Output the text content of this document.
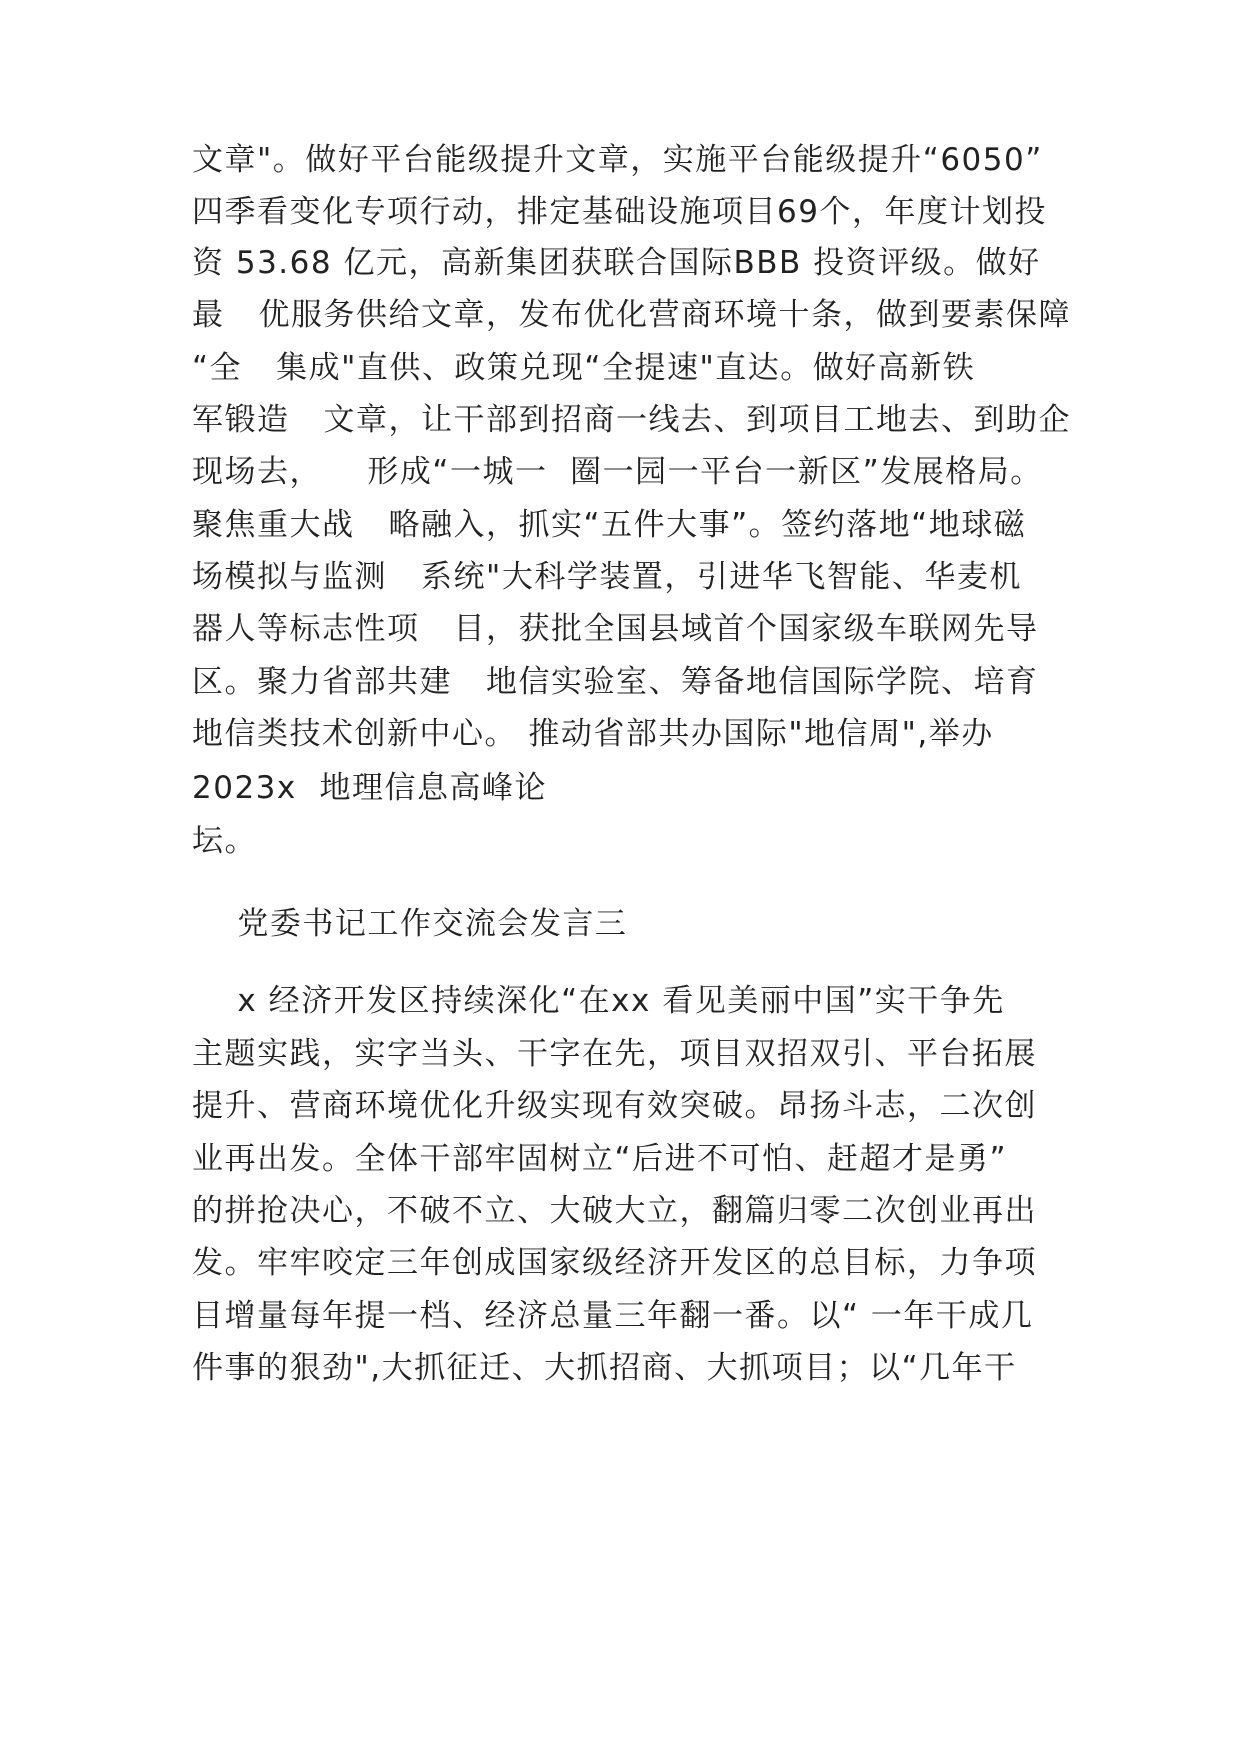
文章"。做好平台能级提升文章，实施平台能级提升“6050”
四季看变化专项行动，排定基础设施项目69个，年度计划投
资 53.68 亿元，高新集团获联合国际BBB 投资评级。做好
最   优服务供给文章，发布优化营商环境十条，做到要素保障
“全   集成"直供、政策兑现“全提速"直达。做好高新铁
军锻造   文章，让干部到招商一线去、到项目工地去、到助企
现场去，    形成“一城一  圈一园一平台一新区”发展格局。
聚焦重大战   略融入，抓实“五件大事”。签约落地“地球磁
场模拟与监测   系统"大科学装置，引进华飞智能、华麦机
器人等标志性项   目，获批全国县域首个国家级车联网先导
区。聚力省部共建   地信实验室、筹备地信国际学院、培育
地信类技术创新中心。 推动省部共办国际"地信周",举办
2023x  地理信息高峰论
坛。
党委书记工作交流会发言三
x 经济开发区持续深化“在xx 看见美丽中国”实干争先
主题实践，实字当头、干字在先，项目双招双引、平台拓展
提升、营商环境优化升级实现有效突破。昂扬斗志，二次创
业再出发。全体干部牢固树立“后进不可怕、赶超才是勇”
的拼抢决心，不破不立、大破大立，翻篇归零二次创业再出
发。牢牢咬定三年创成国家级经济开发区的总目标，力争项
目增量每年提一档、经济总量三年翻一番。以“ 一年干成几
件事的狠劲",大抓征迁、大抓招商、大抓项目；以“几年干
